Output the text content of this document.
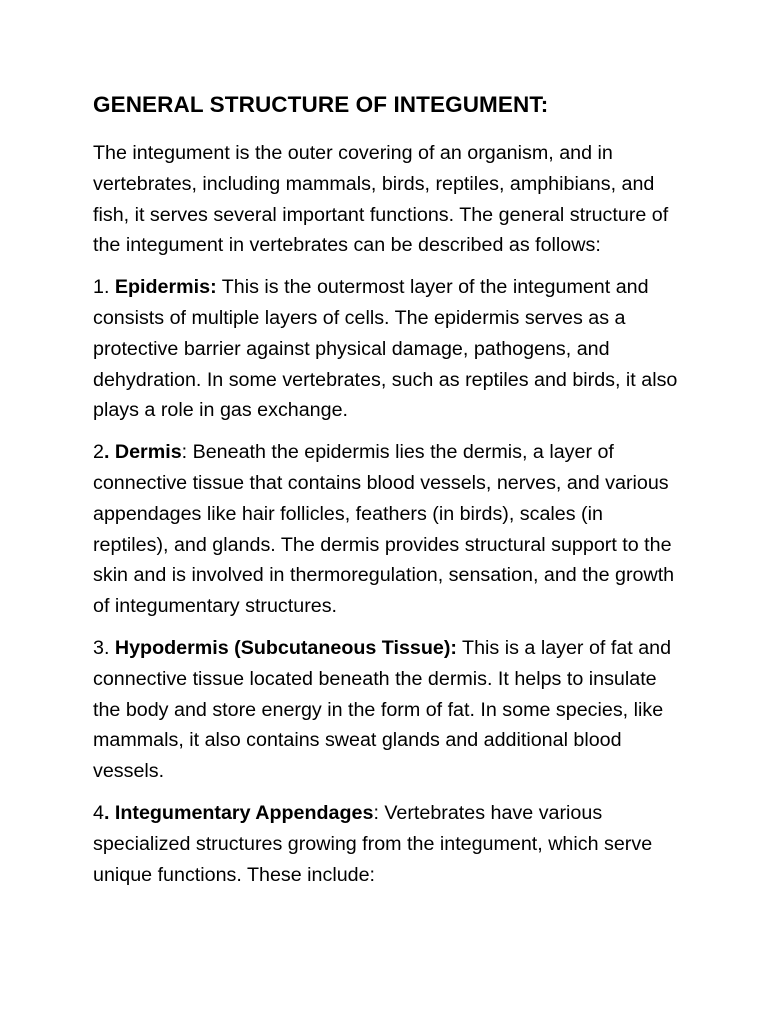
GENERAL STRUCTURE OF INTEGUMENT:

The integument is the outer covering of an organism, and in vertebrates, including mammals, birds, reptiles, amphibians, and fish, it serves several important functions. The general structure of the integument in vertebrates can be described as follows:

1. Epidermis: This is the outermost layer of the integument and consists of multiple layers of cells. The epidermis serves as a protective barrier against physical damage, pathogens, and dehydration. In some vertebrates, such as reptiles and birds, it also plays a role in gas exchange.

2. Dermis: Beneath the epidermis lies the dermis, a layer of connective tissue that contains blood vessels, nerves, and various appendages like hair follicles, feathers (in birds), scales (in reptiles), and glands. The dermis provides structural support to the skin and is involved in thermoregulation, sensation, and the growth of integumentary structures.

3. Hypodermis (Subcutaneous Tissue): This is a layer of fat and connective tissue located beneath the dermis. It helps to insulate the body and store energy in the form of fat. In some species, like mammals, it also contains sweat glands and additional blood vessels.

4. Integumentary Appendages: Vertebrates have various specialized structures growing from the integument, which serve unique functions. These include:
